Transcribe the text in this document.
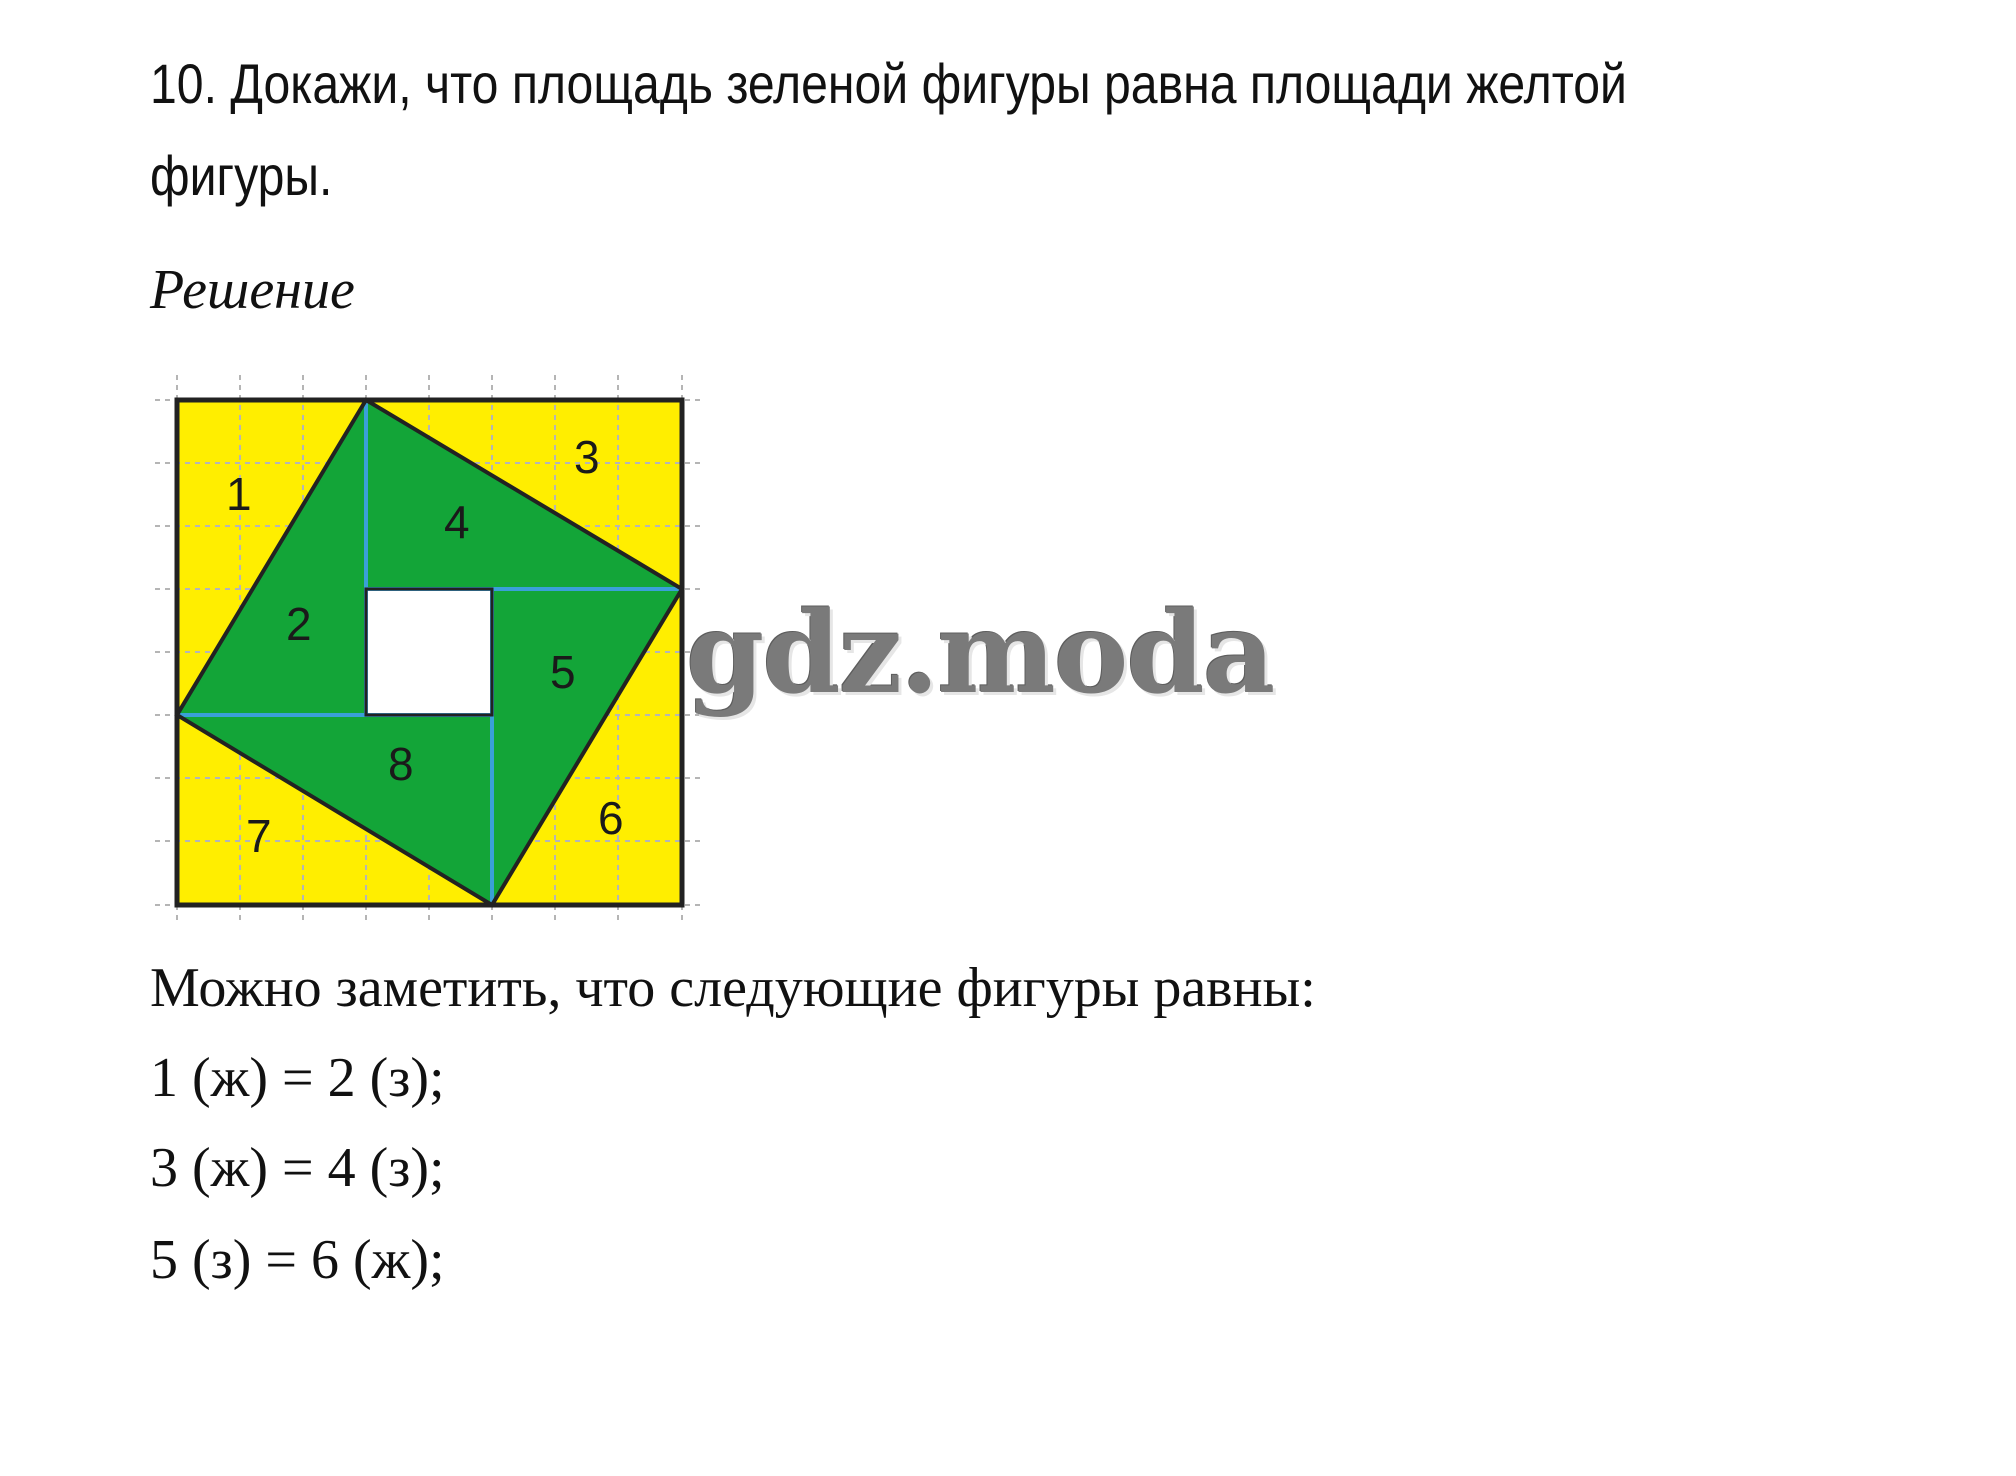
10. Докажи, что площадь зеленой фигуры равна площади желтой
фигуры.
Решение
1
2
3
4
5
6
7
8
gdz.moda
Можно заметить, что следующие фигуры равны:
1 (ж) = 2 (з);
3 (ж) = 4 (з);
5 (з) = 6 (ж);
